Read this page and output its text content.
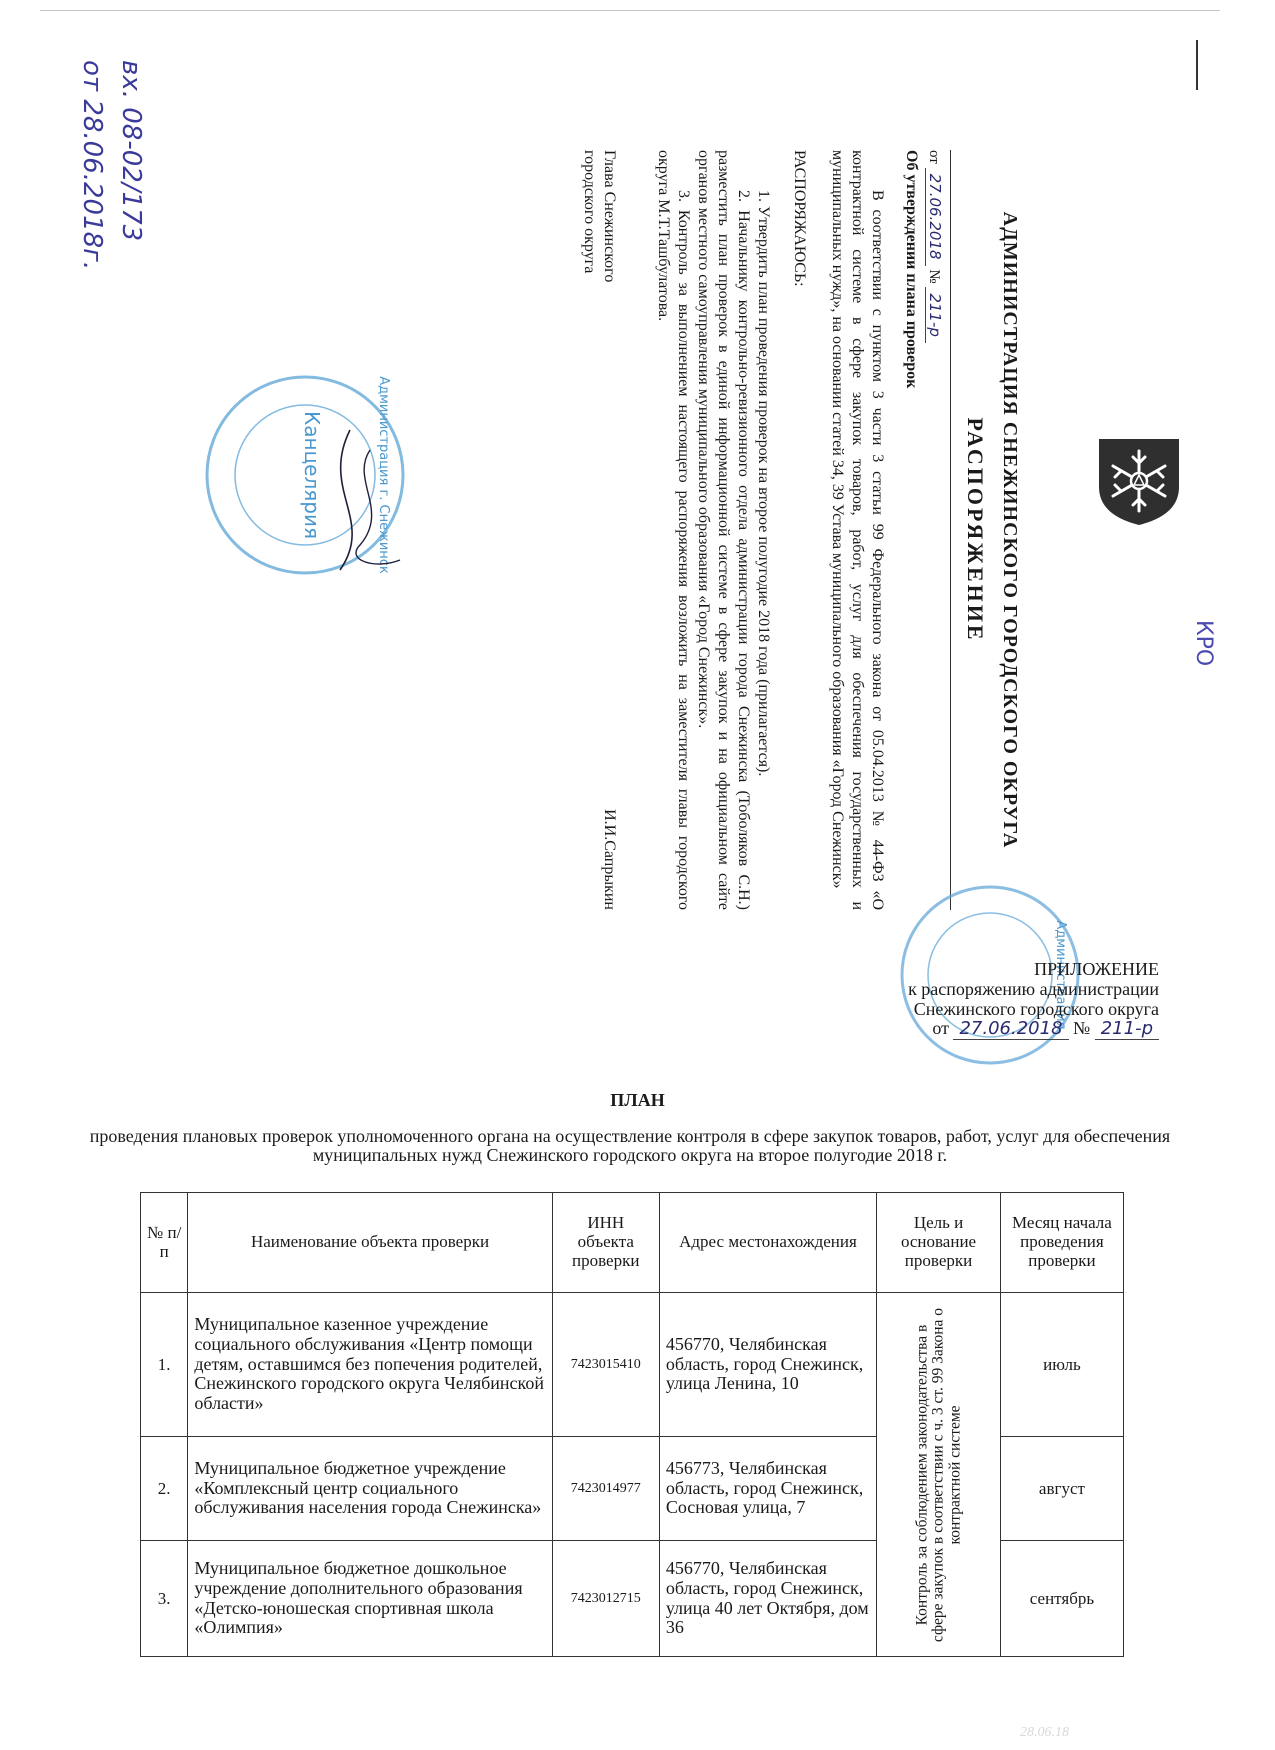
КРО
вх. 08-02/173
от 28.06.2018г.
АДМИНИСТРАЦИЯ СНЕЖИНСКОГО ГОРОДСКОГО ОКРУГА
РАСПОРЯЖЕНИЕ
от 27.06.2018 № 211-р
Об утверждении плана проверок

В соответствии с пунктом 3 части 3 статьи 99 Федерального закона от 05.04.2013 № 44-ФЗ «О контрактной системе в сфере закупок товаров, работ, услуг для обеспечения государственных и муниципальных нужд», на основании статей 34, 39 Устава муниципального образования «Город Снежинск»

РАСПОРЯЖАЮСЬ:

1. Утвердить план проведения проверок на второе полугодие 2018 года (прилагается).

2. Начальнику контрольно-ревизионного отдела администрации города Снежинска (Тоболяков С.Н.) разместить план проверок в единой информационной системе в сфере закупок и на официальном сайте органов местного самоуправления муниципального образования «Город Снежинск».

3. Контроль за выполнением настоящего распоряжения возложить на заместителя главы городского округа М.Т.Ташбулатова.

Глава Снежинского городского округа
И.И.Сапрыкин
Канцелярия	Администрация г. Снежинск
Администрация
ПРИЛОЖЕНИЕ
к распоряжению администрации
Снежинского городского округа
от 27.06.2018 № 211-р
ПЛАН
проведения плановых проверок уполномоченного органа на осуществление контроля в сфере закупок товаров, работ, услуг для обеспечения муниципальных нужд Снежинского городского округа на второе полугодие 2018 г.
№ п/п	Наименование объекта проверки	ИНН объекта проверки	Адрес местонахождения	Цель и основание проверки	Месяц начала проведения проверки
1.	Муниципальное казенное учреждение социального обслуживания «Центр помощи детям, оставшимся без попечения родителей, Снежинского городского округа Челябинской области»	7423015410	456770, Челябинская область, город Снежинск, улица Ленина, 10	Контроль за соблюдением законодательства в сфере закупок в соответствии с ч. 3 ст. 99 Закона о контрактной системе	июль
2.	Муниципальное бюджетное учреждение «Комплексный центр социального обслуживания населения города Снежинска»	7423014977	456773, Челябинская область, город Снежинск, Сосновая улица, 7		август
3.	Муниципальное бюджетное дошкольное учреждение дополнительного образования «Детско-юношеская спортивная школа «Олимпия»	7423012715	456770, Челябинская область, город Снежинск, улица 40 лет Октября, дом 36		сентябрь
28.06.18
